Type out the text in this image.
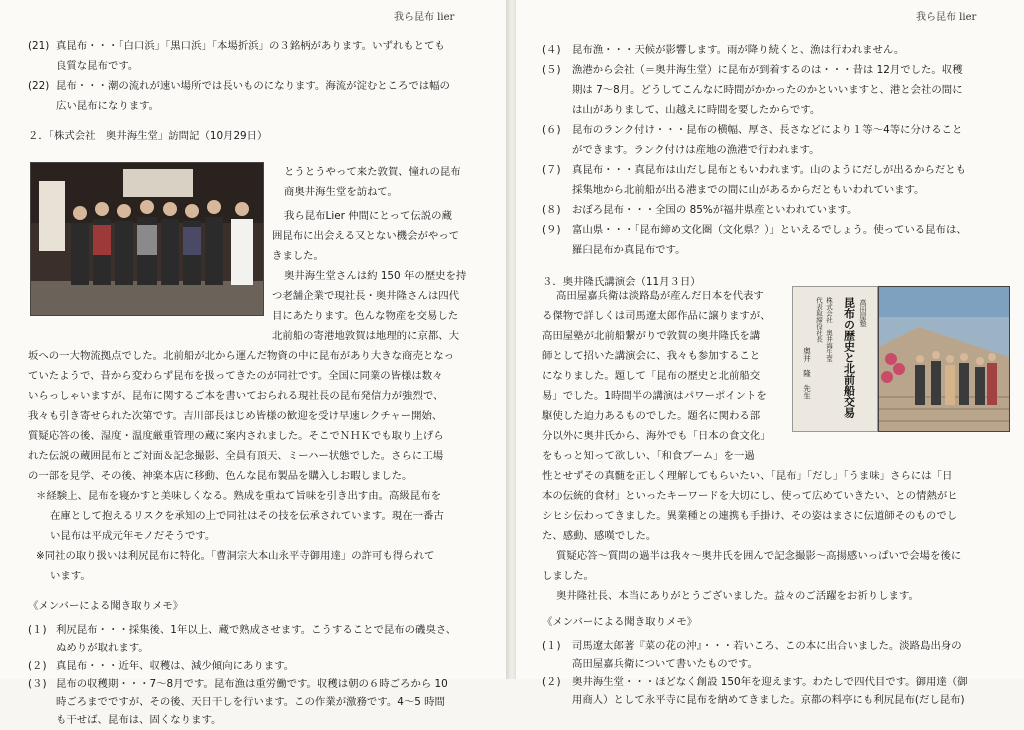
我ら昆布 lier
(21) 真昆布・・・「白口浜」「黒口浜」「本場折浜」の３銘柄があります。いずれもとても
良質な昆布です。
(22) 昆布・・・潮の流れが速い場所では長いものになります。海流が淀むところでは幅の
広い昆布になります。
２．「株式会社　奥井海生堂」訪問記（10月29日）
とうとうやって来た敦賀、憧れの昆布
商奥井海生堂を訪ねて。
我ら昆布Lier 仲間にとって伝説の蔵
囲昆布に出会える又とない機会がやって
きました。
奥井海生堂さんは約 150 年の歴史を持
つ老舗企業で現社長・奥井隆さんは四代
目にあたります。色んな物産を交易した
北前船の寄港地敦賀は地理的に京都、大
坂への一大物流拠点でした。北前船が北から運んだ物資の中に昆布があり大きな商売となっ
ていたようで、昔から変わらず昆布を扱ってきたのが同社です。全国に同業の皆様は数々
いらっしゃいますが、昆布に関するご本を書いておられる現社長の昆布発信力が強烈で、
我々も引き寄せられた次第です。吉川部長はじめ皆様の歓迎を受け早速レクチャー開始、
質疑応答の後、湿度・温度厳重管理の蔵に案内されました。そこでＮＨＫでも取り上げら
れた伝説の蔵囲昆布とご対面＆記念撮影、全員有頂天、ミーハー状態でした。さらに工場
の一部を見学、その後、神楽本店に移動、色んな昆布製品を購入しお暇しました。
＊経験上、昆布を寝かすと美味しくなる。熟成を重ねて旨味を引き出す由。高級昆布を
在庫として抱えるリスクを承知の上で同社はその技を伝承されています。現在一番古
い昆布は平成元年モノだそうです。
※同社の取り扱いは利尻昆布に特化。「曹洞宗大本山永平寺御用達」の許可も得られて
います。
《メンバーによる聞き取りメモ》
(１) 利尻昆布・・・採集後、1年以上、蔵で熟成させます。こうすることで昆布の磯臭さ、
ぬめりが取れます。
(２) 真昆布・・・近年、収穫は、減少傾向にあります。
(３) 昆布の収穫期・・・7～8月です。昆布漁は重労働です。収穫は朝の６時ごろから 10
時ごろまでですが、その後、天日干しを行います。この作業が激務です。4～5 時間
も干せば、昆布は、固くなります。
我ら昆布 lier
(４) 昆布漁・・・天候が影響します。雨が降り続くと、漁は行われません。
(５) 漁港から会社（＝奥井海生堂）に昆布が到着するのは・・・昔は 12月でした。収穫
期は 7～8月。どうしてこんなに時間がかかったのかといいますと、港と会社の間に
は山がありまして、山越えに時間を要したからです。
(６) 昆布のランク付け・・・昆布の横幅、厚さ、長さなどにより１等～4等に分けること
ができます。ランク付けは産地の漁港で行われます。
(７) 真昆布・・・真昆布は山だし昆布ともいわれます。山のようにだしが出るからだとも
採集地から北前船が出る港までの間に山があるからだともいわれています。
(８) おぼろ昆布・・・全国の 85%が福井県産といわれています。
(９) 富山県・・・「昆布締め文化圏（文化県？）」といえるでしょう。使っている昆布は、
羅臼昆布か真昆布です。
３．奥井隆氏講演会（11月３日）
高田屋塾
昆布の歴史と北前船交易
株式会社　奥井海生堂
代表取締役社長
奥井　隆　先生
高田屋嘉兵衛は淡路島が産んだ日本を代表す
る傑物で詳しくは司馬遼太郎作品に譲りますが、
高田屋塾が北前船繋がりで敦賀の奥井隆氏を講
師として招いた講演会に、我々も参加すること
になりました。題して「昆布の歴史と北前船交
易」でした。1時間半の講演はパワーポイントを
駆使した迫力あるものでした。題名に関わる部
分以外に奥井氏から、海外でも「日本の食文化」
をもっと知って欲しい、「和食ブーム」を一過
性とせずその真髄を正しく理解してもらいたい、「昆布」「だし」「うま味」さらには「日
本の伝統的食材」といったキーワードを大切にし、使って広めていきたい、との情熱がヒ
シヒシ伝わってきました。異業種との連携も手掛け、その姿はまさに伝道師そのものでし
た、感動、感嘆でした。
質疑応答～質問の過半は我々～奥井氏を囲んで記念撮影～高揚感いっぱいで会場を後に
しました。
奥井隆社長、本当にありがとうございました。益々のご活躍をお祈りします。
《メンバーによる聞き取りメモ》
(１) 司馬遼太郎著『菜の花の沖』・・・若いころ、この本に出合いました。淡路島出身の
高田屋嘉兵衛について書いたものです。
(２) 奥井海生堂・・・ほどなく創設 150年を迎えます。わたしで四代目です。御用達（御
用商人）として永平寺に昆布を納めてきました。京都の料亭にも利尻昆布(だし昆布)
